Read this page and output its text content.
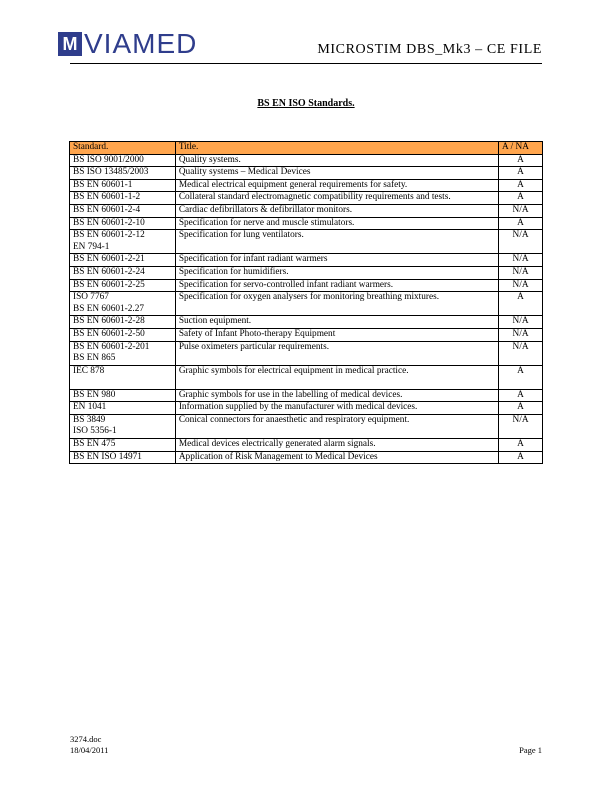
M
VIAMED	MICROSTIM DBS_Mk3 – CE FILE
BS EN ISO Standards.
Standard.	Title.	A / NA
BS ISO 9001/2000	Quality systems.	A
BS ISO 13485/2003	Quality systems – Medical Devices	A
BS EN 60601-1	Medical electrical equipment general requirements for safety.	A
BS EN 60601-1-2	Collateral standard electromagnetic compatibility requirements and tests.	A
BS EN 60601-2-4	Cardiac defibrillators & defibrillator monitors.	N/A
BS EN 60601-2-10	Specification for nerve and muscle stimulators.	A
BS EN 60601-2-12
EN 794-1	Specification for lung ventilators.	N/A
BS EN 60601-2-21	Specification for infant radiant warmers	N/A
BS EN 60601-2-24	Specification for humidifiers.	N/A
BS EN 60601-2-25	Specification for servo-controlled infant radiant warmers.	N/A
ISO 7767
BS EN 60601-2.27	Specification for oxygen analysers for monitoring breathing mixtures.	A
BS EN 60601-2-28	Suction equipment.	N/A
BS EN 60601-2-50	Safety of Infant Photo-therapy Equipment	N/A
BS EN 60601-2-201
BS EN 865	Pulse oximeters particular requirements.	N/A
IEC 878	Graphic symbols for electrical equipment in medical practice.	A
BS EN 980	Graphic symbols for use in the labelling of medical devices.	A
EN 1041	Information supplied by the manufacturer with medical devices.	A
BS 3849
ISO 5356-1	Conical connectors for anaesthetic and respiratory equipment.	N/A
BS EN 475	Medical devices electrically generated alarm signals.	A
BS EN ISO 14971	Application of Risk Management to Medical Devices	A
3274.doc
18/04/2011	Page 1
